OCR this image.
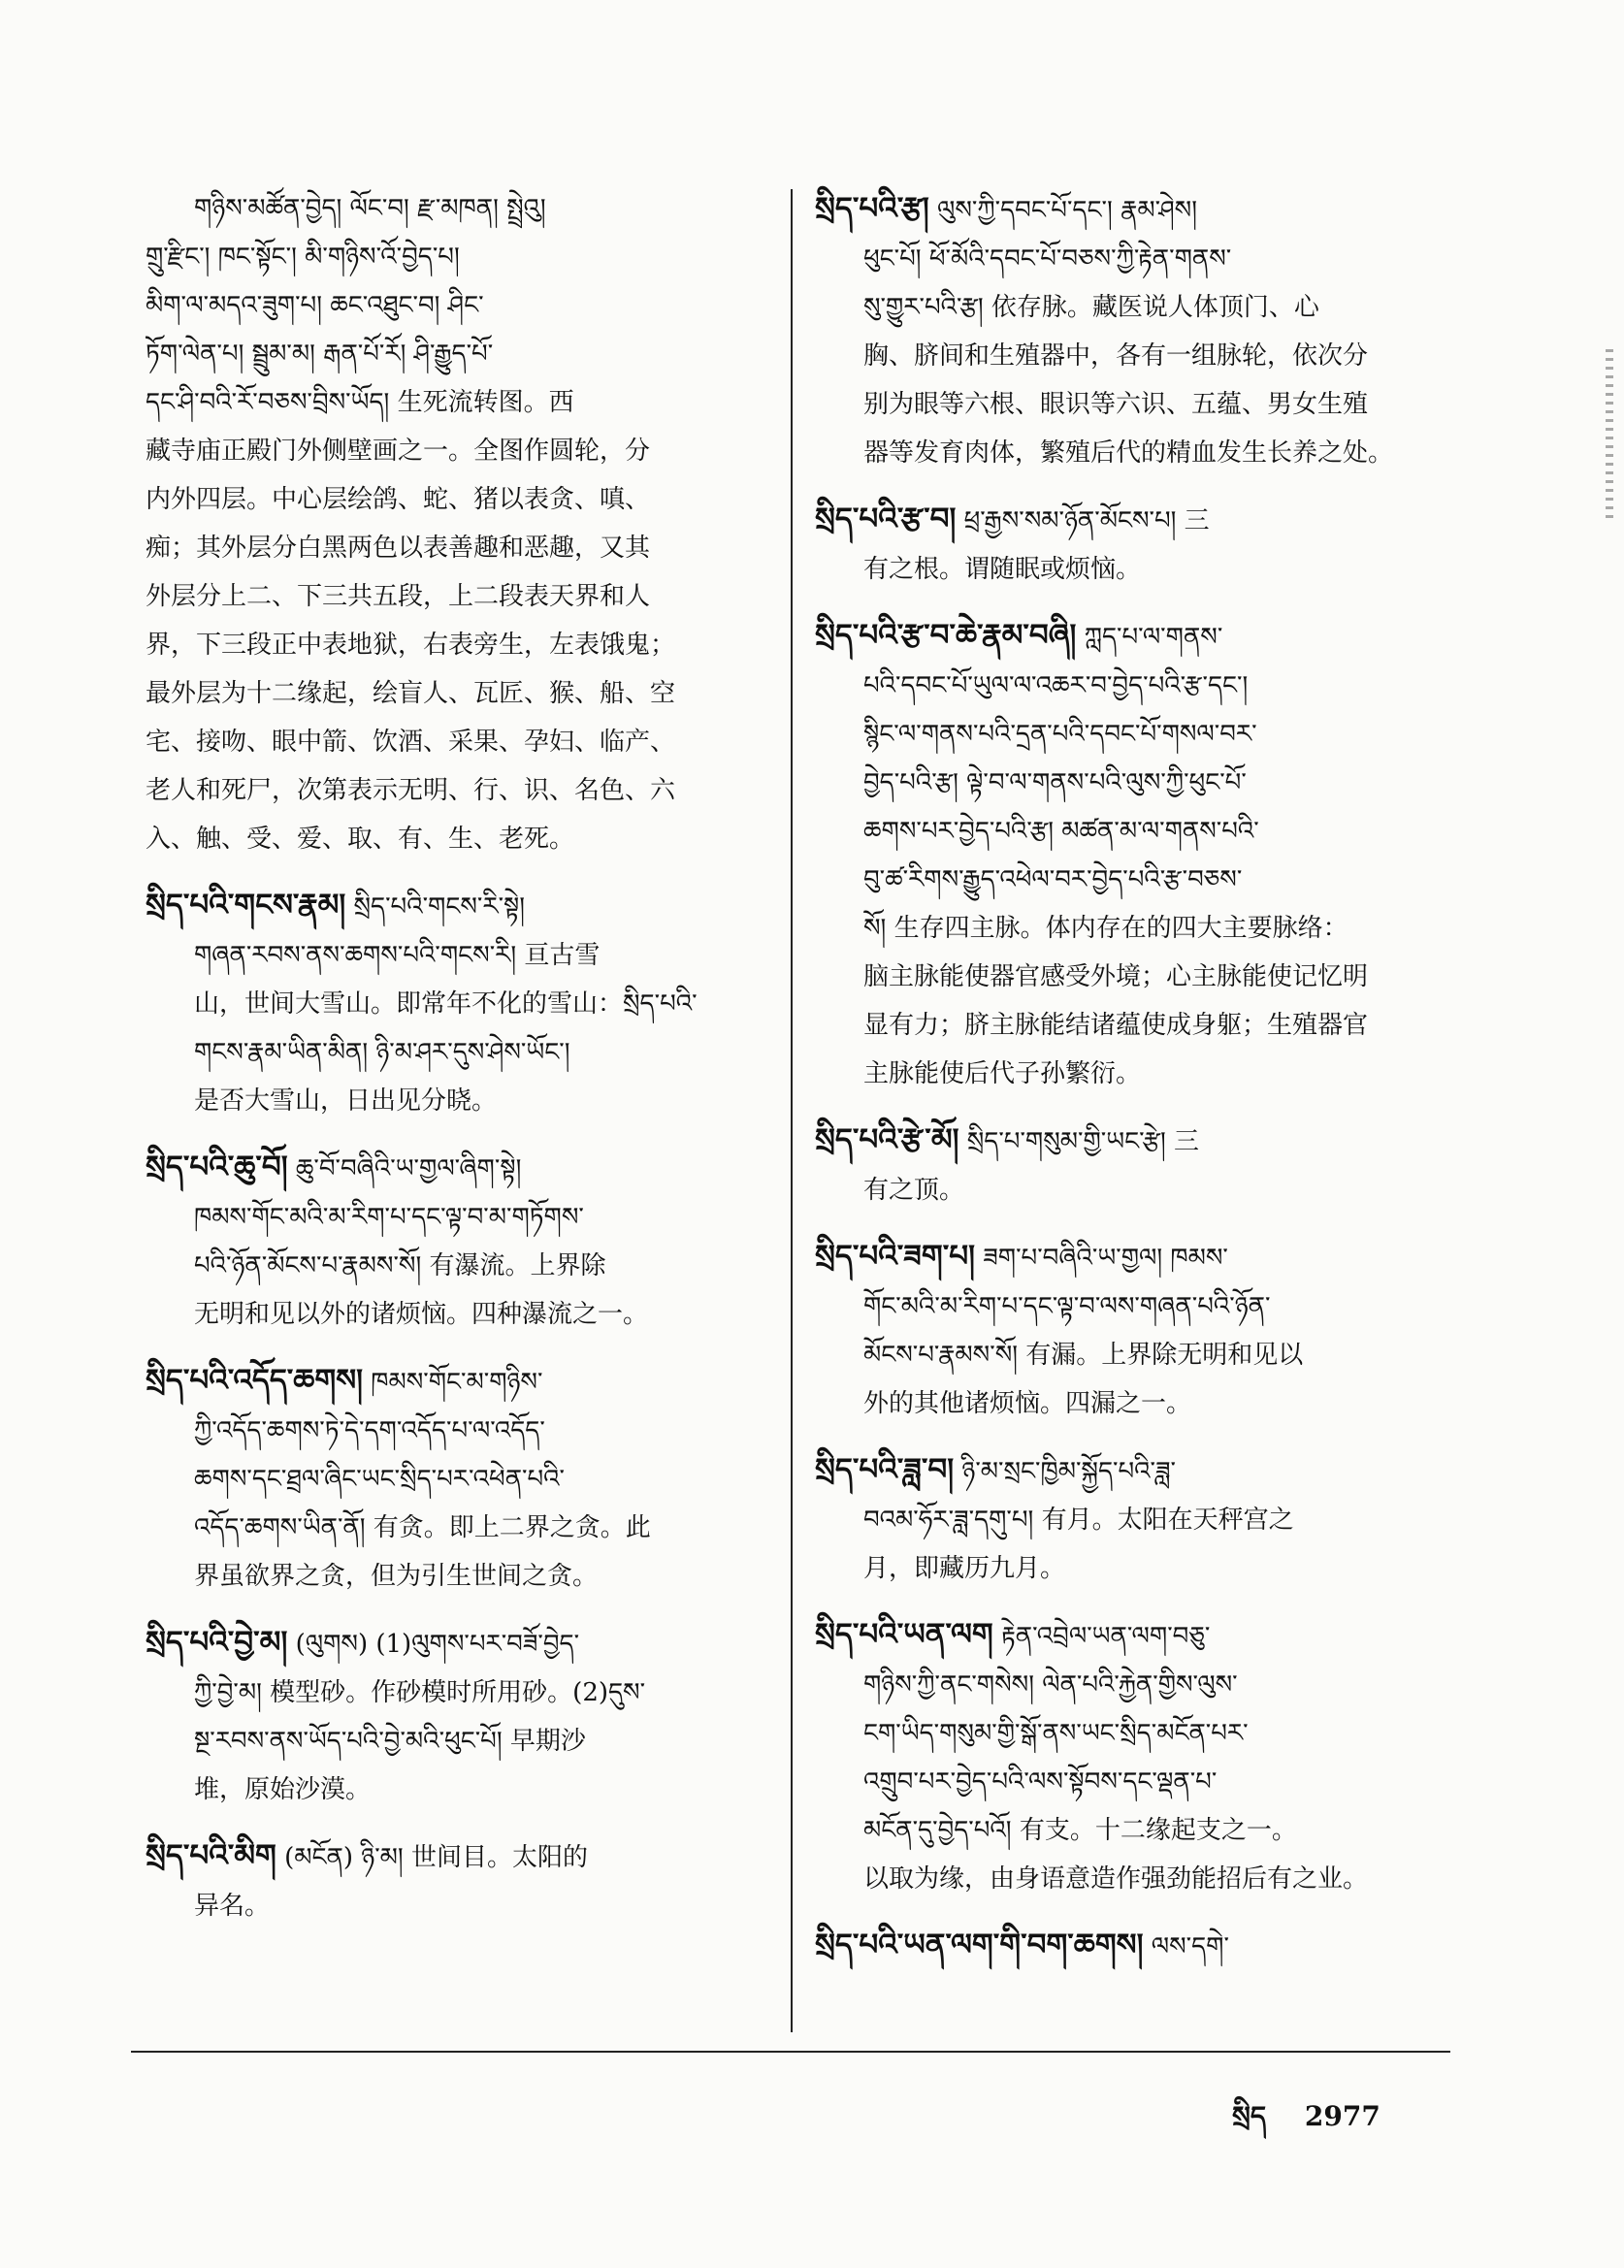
གཉིས་མཚོན་བྱེད། ལོང་བ། རྫ་མཁན། སྤྲེའུ།
གྲུ་རྫིང་། ཁང་སྟོང་། མི་གཉིས་འོ་བྱེད་པ།
མིག་ལ་མདའ་ཟུག་པ། ཆང་འཐུང་བ། ཤིང་
ཏོག་ལེན་པ། སྦྲུམ་མ། རྒན་པོ་རོ། ཤི་རྒྱུད་པོ་
དང་ཤི་བའི་རོ་བཅས་བྲིས་ཡོད། 生死流转图。西
藏寺庙正殿门外侧壁画之一。全图作圆轮，分
内外四层。中心层绘鸽、蛇、猪以表贪、嗔、
痴；其外层分白黑两色以表善趣和恶趣，又其
外层分上二、下三共五段，上二段表天界和人
界，下三段正中表地狱，右表旁生，左表饿鬼；
最外层为十二缘起，绘盲人、瓦匠、猴、船、空
宅、接吻、眼中箭、饮酒、采果、孕妇、临产、
老人和死尸，次第表示无明、行、识、名色、六
入、触、受、爱、取、有、生、老死。
སྲིད་པའི་གངས་རྣམ། སྲིད་པའི་གངས་རི་སྟེ།
གཞན་རབས་ནས་ཆགས་པའི་གངས་རི། 亘古雪
山，世间大雪山。即常年不化的雪山：སྲིད་པའི་
གངས་རྣམ་ཡིན་མིན། ཉི་མ་ཤར་དུས་ཤེས་ཡོང་།
是否大雪山，日出见分晓。
སྲིད་པའི་ཆུ་བོ། ཆུ་བོ་བཞིའི་ཡ་གྱལ་ཞིག་སྟེ།
ཁམས་གོང་མའི་མ་རིག་པ་དང་ལྟ་བ་མ་གཏོགས་
པའི་ཉོན་མོངས་པ་རྣམས་སོ། 有瀑流。上界除
无明和见以外的诸烦恼。四种瀑流之一。
སྲིད་པའི་འདོད་ཆགས། ཁམས་གོང་མ་གཉིས་
ཀྱི་འདོད་ཆགས་ཏེ་དེ་དག་འདོད་པ་ལ་འདོད་
ཆགས་དང་ཐྲལ་ཞིང་ཡང་སྲིད་པར་འཕེན་པའི་
འདོད་ཆགས་ཡིན་ནོ། 有贪。即上二界之贪。此
界虽欲界之贪，但为引生世间之贪。
སྲིད་པའི་བྱེ་མ། (ལུགས) (1)ལུགས་པར་བཟོ་བྱེད་
ཀྱི་བྱེ་མ། 模型砂。作砂模时所用砂。(2)དུས་
སྔ་རབས་ནས་ཡོད་པའི་བྱེ་མའི་ཕུང་པོ། 早期沙
堆，原始沙漠。
སྲིད་པའི་མིག (མངོན) ཉི་མ། 世间目。太阳的
异名。
སྲིད་པའི་རྩ། ལུས་ཀྱི་དབང་པོ་དང་། རྣམ་ཤེས།
ཕུང་པོ། ཕོ་མོའི་དབང་པོ་བཅས་ཀྱི་རྟེན་གནས་
སུ་གྱུར་པའི་རྩ། 依存脉。藏医说人体顶门、心
胸、脐间和生殖器中，各有一组脉轮，依次分
别为眼等六根、眼识等六识、五蕴、男女生殖
器等发育肉体，繁殖后代的精血发生长养之处。
སྲིད་པའི་རྩ་བ། ཕྲ་རྒྱས་སམ་ཉོན་མོངས་པ། 三
有之根。谓随眠或烦恼。
སྲིད་པའི་རྩ་བ་ཆེ་རྣམ་བཞི། ཀླད་པ་ལ་གནས་
པའི་དབང་པོ་ཡུལ་ལ་འཆར་བ་བྱེད་པའི་རྩ་དང་།
སྙིང་ལ་གནས་པའི་དྲན་པའི་དབང་པོ་གསལ་བར་
བྱེད་པའི་རྩ། ལྟེ་བ་ལ་གནས་པའི་ལུས་ཀྱི་ཕུང་པོ་
ཆགས་པར་བྱེད་པའི་རྩ། མཚན་མ་ལ་གནས་པའི་
བུ་ཚ་རིགས་རྒྱུད་འཕེལ་བར་བྱེད་པའི་རྩ་བཅས་
སོ། 生存四主脉。体内存在的四大主要脉络：
脑主脉能使器官感受外境；心主脉能使记忆明
显有力；脐主脉能结诸蕴使成身躯；生殖器官
主脉能使后代子孙繁衍。
སྲིད་པའི་རྩེ་མོ། སྲིད་པ་གསུམ་གྱི་ཡང་རྩེ། 三
有之顶。
སྲིད་པའི་ཟག་པ། ཟག་པ་བཞིའི་ཡ་གྱལ། ཁམས་
གོང་མའི་མ་རིག་པ་དང་ལྟ་བ་ལས་གཞན་པའི་ཉོན་
མོངས་པ་རྣམས་སོ། 有漏。上界除无明和见以
外的其他诸烦恼。四漏之一。
སྲིད་པའི་ཟླ་བ། ཉི་མ་སྲང་ཁྱིམ་སྐྱོད་པའི་ཟླ་
བའམ་ཧོར་ཟླ་དགུ་པ། 有月。太阳在天秤宫之
月，即藏历九月。
སྲིད་པའི་ཡན་ལག རྟེན་འབྲེལ་ཡན་ལག་བཅུ་
གཉིས་ཀྱི་ནང་གསེས། ལེན་པའི་རྐྱེན་གྱིས་ལུས་
ངག་ཡིད་གསུམ་གྱི་སྒོ་ནས་ཡང་སྲིད་མངོན་པར་
འགྲུབ་པར་བྱེད་པའི་ལས་སྟོབས་དང་ལྡན་པ་
མངོན་དུ་བྱེད་པའོ། 有支。十二缘起支之一。
以取为缘，由身语意造作强劲能招后有之业。
སྲིད་པའི་ཡན་ལག་གི་བག་ཆགས། ལས་དགེ་
སྲིད 2977
